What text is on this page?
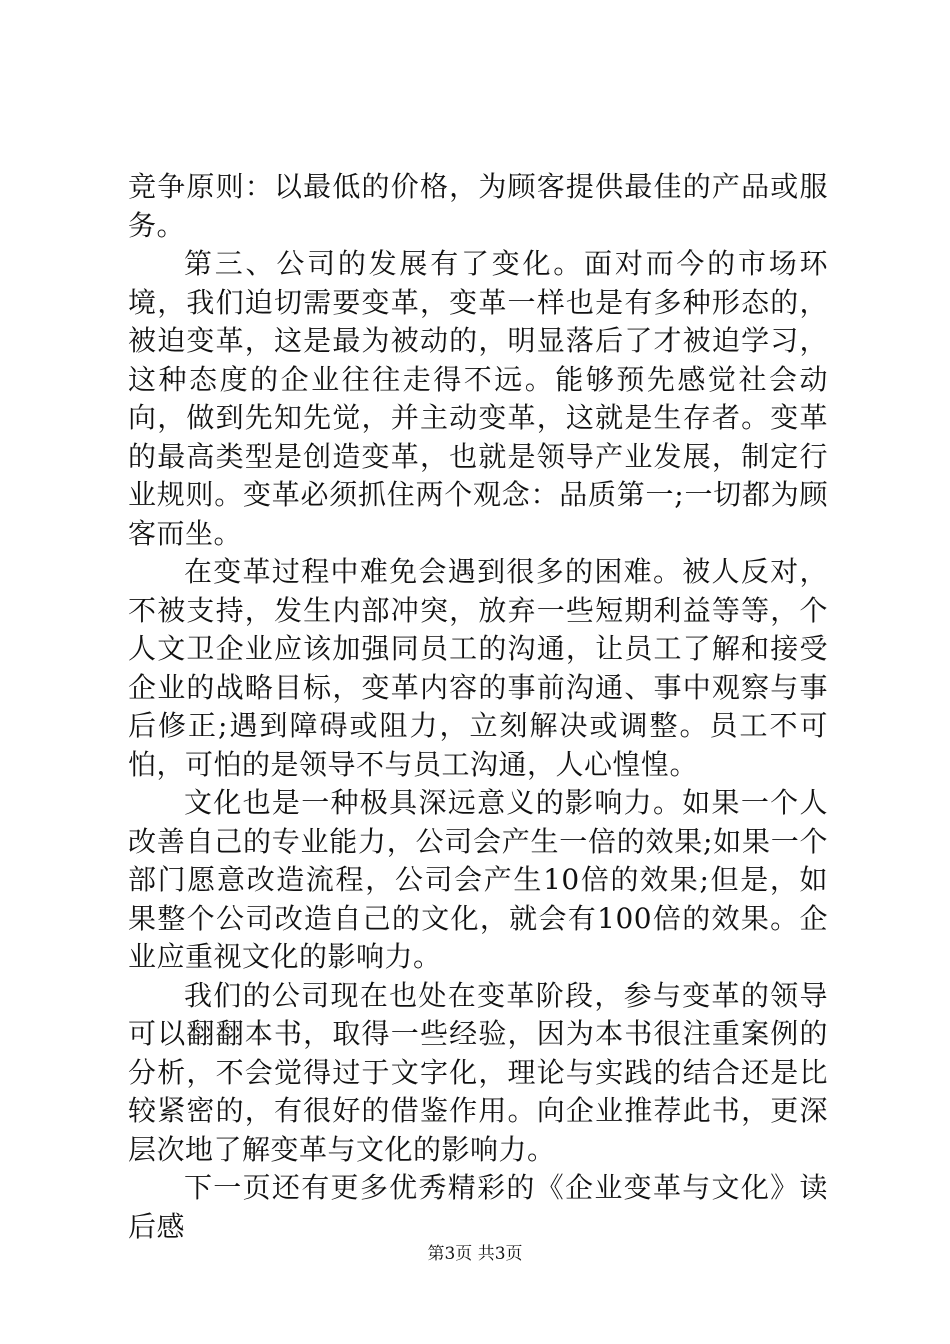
竞争原则：以最低的价格，为顾客提供最佳的产品或服务。

第三、公司的发展有了变化。面对而今的市场环境，我们迫切需要变革，变革一样也是有多种形态的，被迫变革，这是最为被动的，明显落后了才被迫学习，这种态度的企业往往走得不远。能够预先感觉社会动向，做到先知先觉，并主动变革，这就是生存者。变革的最高类型是创造变革，也就是领导产业发展，制定行业规则。变革必须抓住两个观念：品质第一;一切都为顾客而坐。

在变革过程中难免会遇到很多的困难。被人反对，不被支持，发生内部冲突，放弃一些短期利益等等，个人文卫企业应该加强同员工的沟通，让员工了解和接受企业的战略目标，变革内容的事前沟通、事中观察与事后修正;遇到障碍或阻力，立刻解决或调整。员工不可怕，可怕的是领导不与员工沟通，人心惶惶。

文化也是一种极具深远意义的影响力。如果一个人改善自己的专业能力，公司会产生一倍的效果;如果一个部门愿意改造流程，公司会产生10倍的效果;但是，如果整个公司改造自己的文化，就会有100倍的效果。企业应重视文化的影响力。

我们的公司现在也处在变革阶段，参与变革的领导可以翻翻本书，取得一些经验，因为本书很注重案例的分析，不会觉得过于文字化，理论与实践的结合还是比较紧密的，有很好的借鉴作用。向企业推荐此书，更深层次地了解变革与文化的影响力。

下一页还有更多优秀精彩的《企业变革与文化》读后感

第3页 共3页
